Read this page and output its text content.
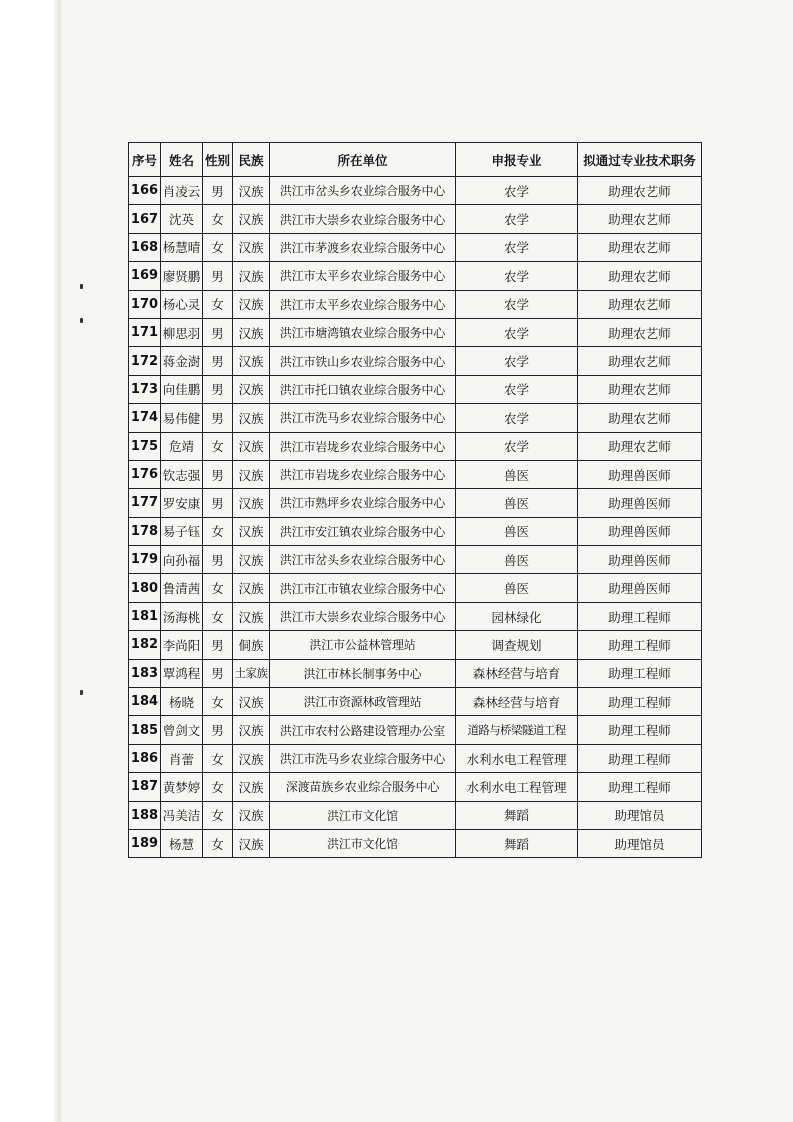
序号	姓名	性别	民族	所在单位	申报专业	拟通过专业技术职务
166	肖凌云	男	汉族	洪江市岔头乡农业综合服务中心	农学	助理农艺师
167	沈英	女	汉族	洪江市大崇乡农业综合服务中心	农学	助理农艺师
168	杨慧晴	女	汉族	洪江市茅渡乡农业综合服务中心	农学	助理农艺师
169	廖贤鹏	男	汉族	洪江市太平乡农业综合服务中心	农学	助理农艺师
170	杨心灵	女	汉族	洪江市太平乡农业综合服务中心	农学	助理农艺师
171	柳思羽	男	汉族	洪江市塘湾镇农业综合服务中心	农学	助理农艺师
172	蒋金澍	男	汉族	洪江市铁山乡农业综合服务中心	农学	助理农艺师
173	向佳鹏	男	汉族	洪江市托口镇农业综合服务中心	农学	助理农艺师
174	易伟健	男	汉族	洪江市洗马乡农业综合服务中心	农学	助理农艺师
175	危靖	女	汉族	洪江市岩垅乡农业综合服务中心	农学	助理农艺师
176	钦志强	男	汉族	洪江市岩垅乡农业综合服务中心	兽医	助理兽医师
177	罗安康	男	汉族	洪江市熟坪乡农业综合服务中心	兽医	助理兽医师
178	易子钰	女	汉族	洪江市安江镇农业综合服务中心	兽医	助理兽医师
179	向孙福	男	汉族	洪江市岔头乡农业综合服务中心	兽医	助理兽医师
180	鲁清茜	女	汉族	洪江市江市镇农业综合服务中心	兽医	助理兽医师
181	汤海桃	女	汉族	洪江市大崇乡农业综合服务中心	园林绿化	助理工程师
182	李尚阳	男	侗族	洪江市公益林管理站	调查规划	助理工程师
183	覃鸿程	男	土家族	洪江市林长制事务中心	森林经营与培育	助理工程师
184	杨晓	女	汉族	洪江市资源林政管理站	森林经营与培育	助理工程师
185	曾剑文	男	汉族	洪江市农村公路建设管理办公室	道路与桥梁隧道工程	助理工程师
186	肖蕾	女	汉族	洪江市洗马乡农业综合服务中心	水利水电工程管理	助理工程师
187	黄梦婷	女	汉族	深渡苗族乡农业综合服务中心	水利水电工程管理	助理工程师
188	冯美洁	女	汉族	洪江市文化馆	舞蹈	助理馆员
189	杨慧	女	汉族	洪江市文化馆	舞蹈	助理馆员
